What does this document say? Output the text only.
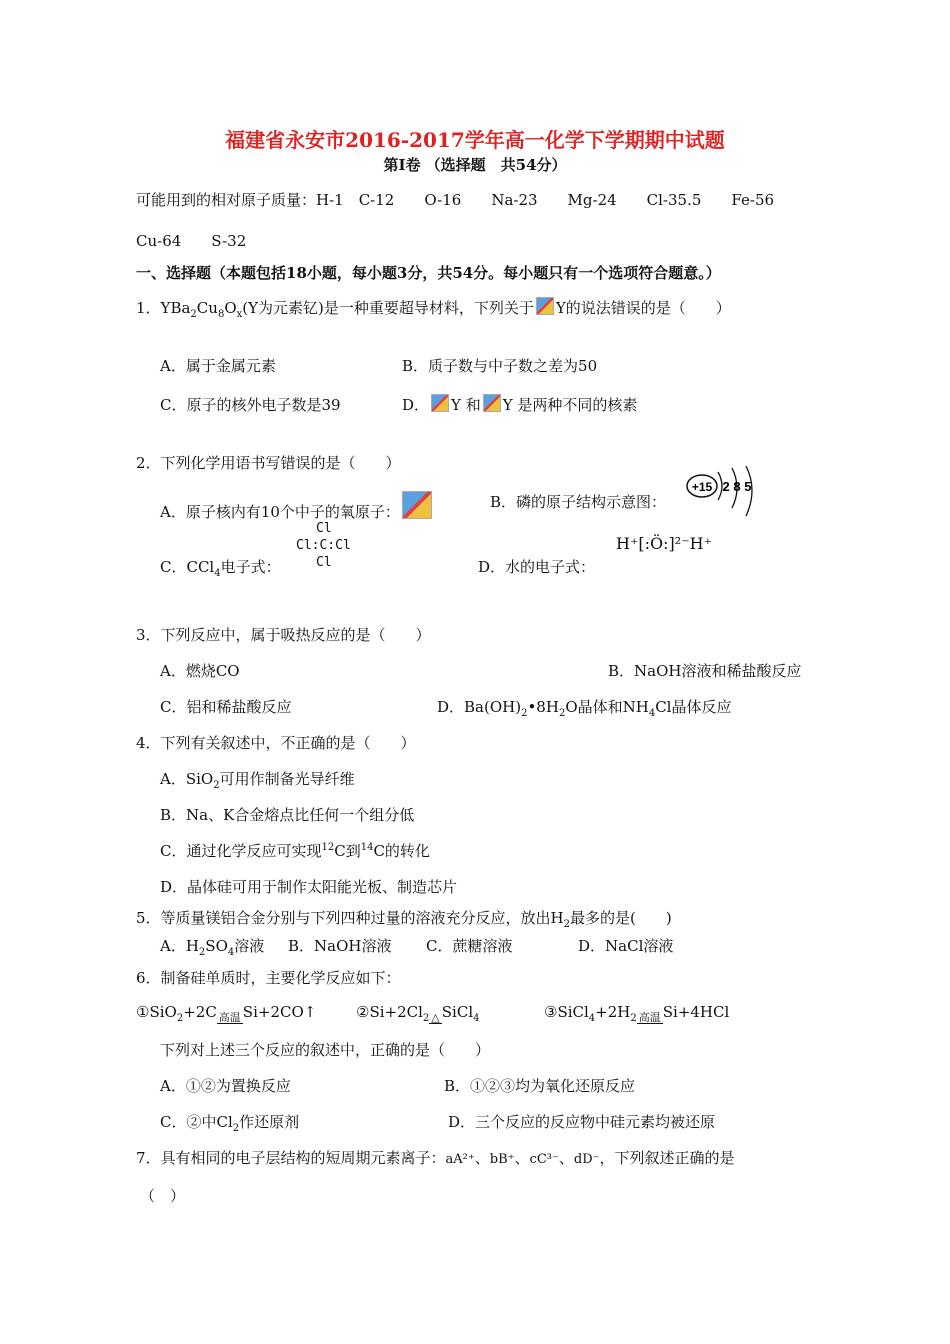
福建省永安市2016-2017学年高一化学下学期期中试题
第Ⅰ卷 （选择题　共54分）
可能用到的相对原子质量：H-1　C-12　　O-16　　Na-23　　Mg-24　　Cl-35.5　　Fe-56
Cu-64　　S-32
一、选择题（本题包括18小题，每小题3分，共54分。每小题只有一个选项符合题意。）
1．$YBa_2Cu_8O_x(Y$为元素钇)是一种重要超导材料，下列关于 Y的说法错误的是（　　）
A．属于金属元素	B．质子数与中子数之差为50
C．原子的核外电子数是39	D． Y 和 Y 是两种不同的核素
2．下列化学用语书写错误的是（　　）
A．原子核内有10个中子的氧原子：
B．磷的原子结构示意图：
+15 2 8 5
Cl
Cl:C:Cl
Cl
C．CCl$_4$电子式：	D．水的电子式：
H⁺[:Ö:]²⁻H⁺
3．下列反应中，属于吸热反应的是（　　）
A．燃烧CO	B．NaOH溶液和稀盐酸反应
C．铝和稀盐酸反应	D．$Ba(OH)_2•8H_2O$晶体和$NH_4Cl$晶体反应
4．下列有关叙述中，不正确的是（　　）
A．SiO$_2$可用作制备光导纤维
B．Na、K合金熔点比任何一个组分低
C．通过化学反应可实现$^{12}$C到$^{14}$C的转化
D．晶体硅可用于制作太阳能光板、制造芯片
5．等质量镁铝合金分别与下列四种过量的溶液充分反应，放出$H_2$最多的是(　　)
A．$H_2SO_4$溶液 B．NaOH溶液 C．蔗糖溶液	D．NaCl溶液
6．制备硅单质时，主要化学反应如下：
①SiO$_2$+2C 高温 Si+2CO↑	$②Si+2Cl_2$ △ SiCl$_4$	$③SiCl_4+2H_2$ 高温 Si+4HCl
下列对上述三个反应的叙述中，正确的是（　　）
A．①②为置换反应	B．①②③均为氧化还原反应
C．②中$Cl_2$作还原剂	D．三个反应的反应物中硅元素均被还原
7．具有相同的电子层结构的短周期元素离子：aA²⁺、bB⁺、cC³⁻、dD⁻，下列叙述正确的是
（　）
